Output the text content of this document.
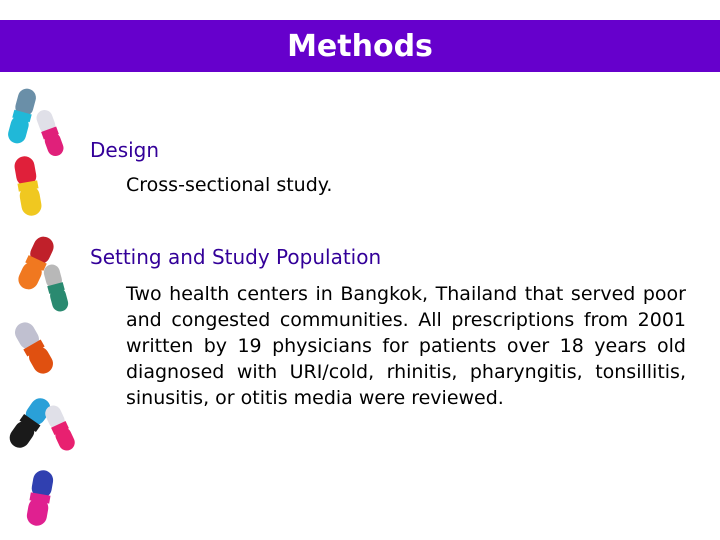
Methods
Design
Cross-sectional study.
Setting and Study Population
Two health centers in Bangkok, Thailand that served poor and congested communities. All prescriptions from 2001 written by 19 physicians for patients over 18 years old diagnosed with URI/cold, rhinitis, pharyngitis, tonsillitis, sinusitis, or otitis media were reviewed.
